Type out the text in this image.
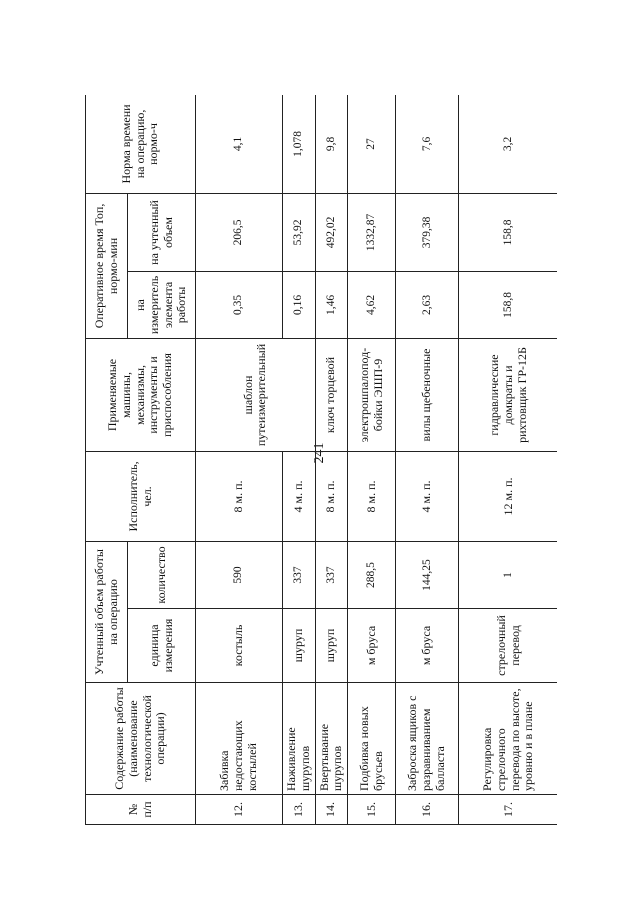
241
№ п/п	Содержание работы (наименование технологической операции)	Учтенный объем работы на операцию		Исполнитель, чел.	Применяемые машины, механизмы, инструменты и приспособления	Оперативное время Топ, нормо-мин		Норма времени на операцию, нормо-ч
		единица измерения	количество			на измеритель элемента работы	на учтенный объем	
12.	Забивка недостающих костылей	костыль	590	8 м. п.	шаблон путеизмерительный	0,35	206,5	4,1
13.	Наживление шурупов	шуруп	337	4 м. п.		0,16	53,92	1,078
14.	Ввертывание шурупов	шуруп	337	8 м. п.	ключ торцевой	1,46	492,02	9,8
15.	Подбивка новых брусьев	м бруса	288,5	8 м. п.	электрошпалопод-бойки ЭШП-9	4,62	1332,87	27
16.	Заброска ящиков с разравниванием балласта	м бруса	144,25	4 м. п.	вилы щебеночные	2,63	379,38	7,6
17.	Регулировка стрелочного перевода по высоте, уровню и в плане	стрелочный перевод	1	12 м. п.	гидравлические домкраты и рихтовщик ГР-12Б	158,8	158,8	3,2
